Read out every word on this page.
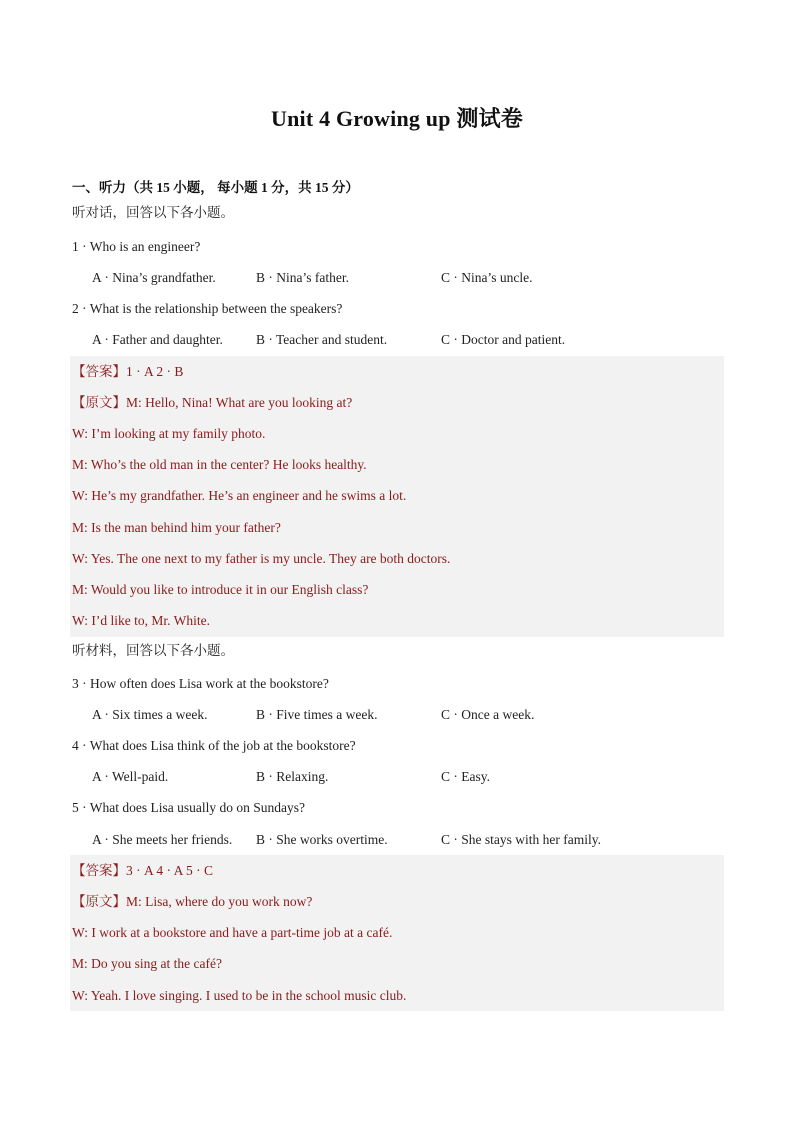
Unit 4 Growing up 测试卷
一、听力（共 15 小题， 每小题 1 分，共 15 分）
听对话，回答以下各小题。
1 · Who is an engineer?
A · Nina’s grandfather.	B · Nina’s father.	C · Nina’s uncle.
2 · What is the relationship between the speakers?
A · Father and daughter. B · Teacher and student.	C · Doctor and patient.
【答案】1 · A 2 · B
【原文】M: Hello, Nina! What are you looking at?
W: I’m looking at my family photo.
M: Who’s the old man in the center? He looks healthy.
W: He’s my grandfather. He’s an engineer and he swims a lot.
M: Is the man behind him your father?
W: Yes. The one next to my father is my uncle. They are both doctors.
M: Would you like to introduce it in our English class?
W: I’d like to, Mr. White.
听材料，回答以下各小题。
3 · How often does Lisa work at the bookstore?
A · Six times a week.	B · Five times a week.	C · Once a week.
4 · What does Lisa think of the job at the bookstore?
A · Well-paid.	B · Relaxing.	C · Easy.
5 · What does Lisa usually do on Sundays?
A · She meets her friends. B · She works overtime.	C · She stays with her family.
【答案】3 · A 4 · A 5 · C
【原文】M: Lisa, where do you work now?
W: I work at a bookstore and have a part-time job at a café.
M: Do you sing at the café?
W: Yeah. I love singing. I used to be in the school music club.
